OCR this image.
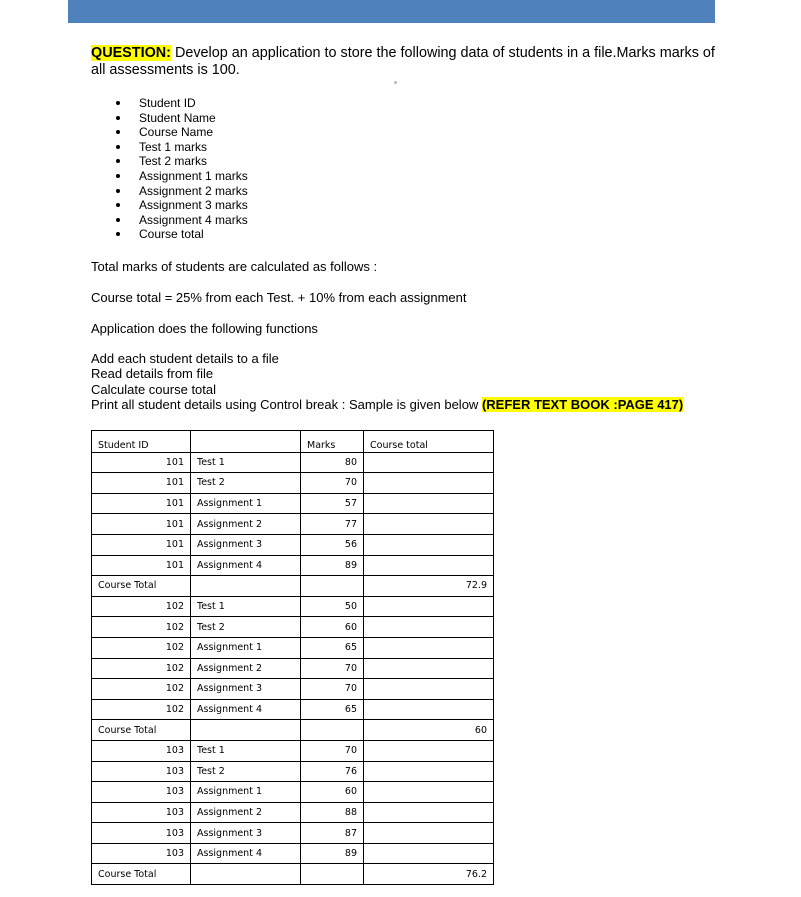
QUESTION: Develop an application to store the following data of students in a file.Marks marks of all assessments is 100.
Student ID
Student Name
Course Name
Test 1 marks
Test 2 marks
Assignment 1 marks
Assignment 2 marks
Assignment 3 marks
Assignment 4 marks
Course total
Total marks of students are calculated as follows :
Course total = 25% from each Test. + 10% from each assignment
Application does the following functions
Add each student details to a file
Read details from file
Calculate course total
Print all student details using Control break : Sample is given below (REFER TEXT BOOK :PAGE 417)
Student ID		Marks	Course total
101	Test 1	80	
101	Test 2	70	
101	Assignment 1	57	
101	Assignment 2	77	
101	Assignment 3	56	
101	Assignment 4	89	
Course Total			72.9
102	Test 1	50	
102	Test 2	60	
102	Assignment 1	65	
102	Assignment 2	70	
102	Assignment 3	70	
102	Assignment 4	65	
Course Total			60
103	Test 1	70	
103	Test 2	76	
103	Assignment 1	60	
103	Assignment 2	88	
103	Assignment 3	87	
103	Assignment 4	89	
Course Total			76.2
